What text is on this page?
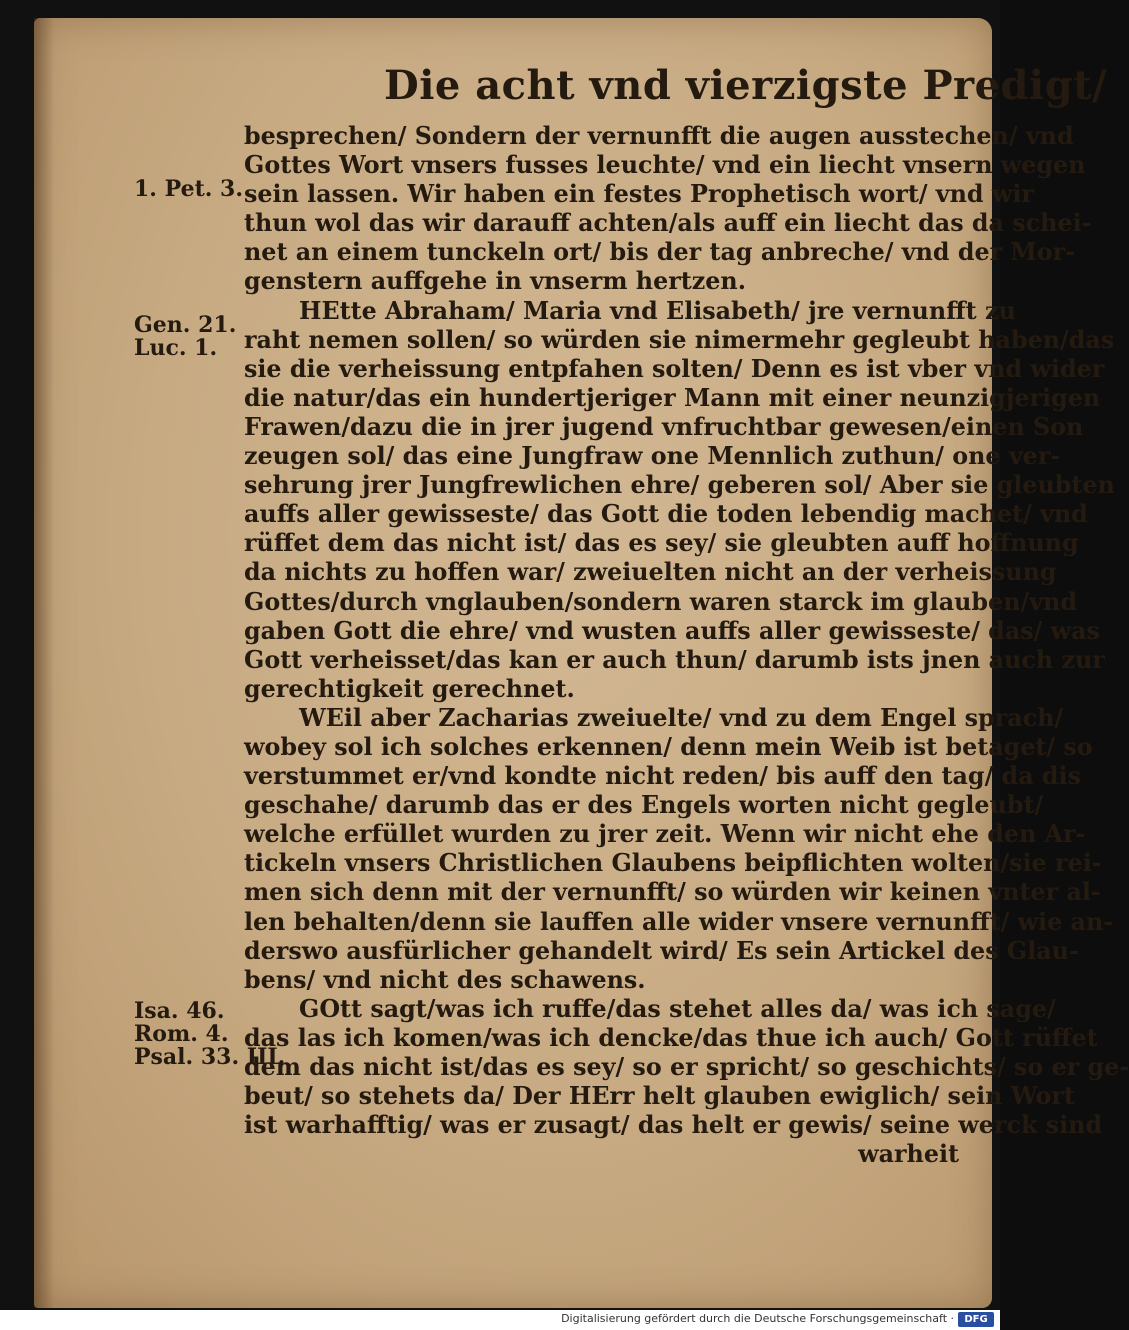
Die acht vnd vierzigste Predigt/
1. Pet. 3.
Gen. 21.
Luc. 1.
Isa. 46.
Rom. 4.
Psal. 33. III.
besprechen/ Sondern der vernunfft die augen ausstechen/ vnd
Gottes Wort vnsers fusses leuchte/ vnd ein liecht vnsern wegen
sein lassen. Wir haben ein festes Prophetisch wort/ vnd wir
thun wol das wir darauff achten/als auff ein liecht das da schei-
net an einem tunckeln ort/ bis der tag anbreche/ vnd der Mor-
genstern auffgehe in vnserm hertzen.
HEtte Abraham/ Maria vnd Elisabeth/ jre vernunfft zu
raht nemen sollen/ so würden sie nimermehr gegleubt haben/das
sie die verheissung entpfahen solten/ Denn es ist vber vnd wider
die natur/das ein hundertjeriger Mann mit einer neunzigjerigen
Frawen/dazu die in jrer jugend vnfruchtbar gewesen/einen Son
zeugen sol/ das eine Jungfraw one Mennlich zuthun/ one ver-
sehrung jrer Jungfrewlichen ehre/ geberen sol/ Aber sie gleubten
auffs aller gewisseste/ das Gott die toden lebendig machet/ vnd
rüffet dem das nicht ist/ das es sey/ sie gleubten auff hoffnung
da nichts zu hoffen war/ zweiuelten nicht an der verheissung
Gottes/durch vnglauben/sondern waren starck im glauben/vnd
gaben Gott die ehre/ vnd wusten auffs aller gewisseste/ das/ was
Gott verheisset/das kan er auch thun/ darumb ists jnen auch zur
gerechtigkeit gerechnet.
WEil aber Zacharias zweiuelte/ vnd zu dem Engel sprach/
wobey sol ich solches erkennen/ denn mein Weib ist betaget/ so
verstummet er/vnd kondte nicht reden/ bis auff den tag/ da dis
geschahe/ darumb das er des Engels worten nicht gegleubt/
welche erfüllet wurden zu jrer zeit. Wenn wir nicht ehe den Ar-
tickeln vnsers Christlichen Glaubens beipflichten wolten/sie rei-
men sich denn mit der vernunfft/ so würden wir keinen vnter al-
len behalten/denn sie lauffen alle wider vnsere vernunfft/ wie an-
derswo ausfürlicher gehandelt wird/ Es sein Artickel des Glau-
bens/ vnd nicht des schawens.
GOtt sagt/was ich ruffe/das stehet alles da/ was ich sage/
das las ich komen/was ich dencke/das thue ich auch/ Gott rüffet
dem das nicht ist/das es sey/ so er spricht/ so geschichts/ so er ge-
beut/ so stehets da/ Der HErr helt glauben ewiglich/ sein Wort
ist warhafftig/ was er zusagt/ das helt er gewis/ seine werck sind
warheit
Digitalisierung gefördert durch die Deutsche Forschungsgemeinschaft ·	DFG
